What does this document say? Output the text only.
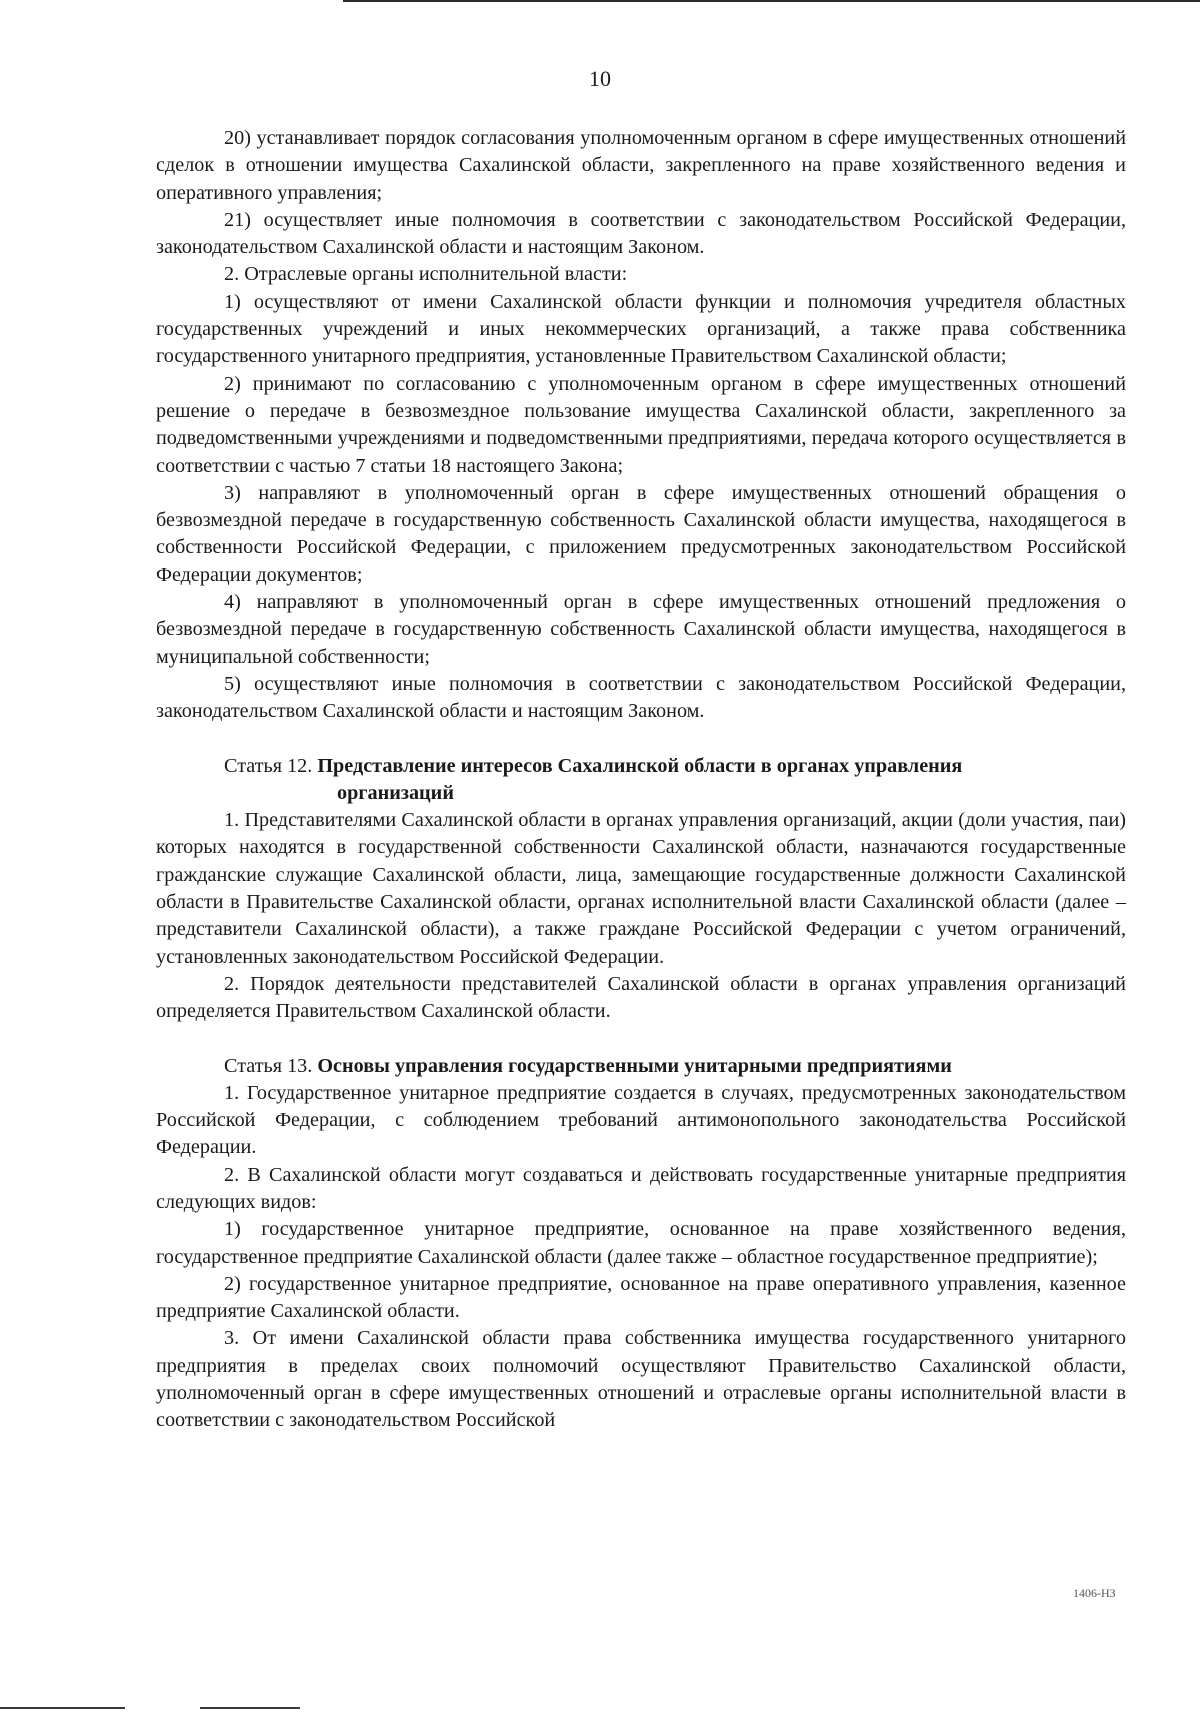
10

20) устанавливает порядок согласования уполномоченным органом в сфере имущественных отношений сделок в отношении имущества Сахалинской области, закрепленного на праве хозяйственного ведения и оперативного управления;

21) осуществляет иные полномочия в соответствии с законодательством Российской Федерации, законодательством Сахалинской области и настоящим Законом.

2. Отраслевые органы исполнительной власти:

1) осуществляют от имени Сахалинской области функции и полномочия учредителя областных государственных учреждений и иных некоммерческих организаций, а также права собственника государственного унитарного предприятия, установленные Правительством Сахалинской области;

2) принимают по согласованию с уполномоченным органом в сфере имущественных отношений решение о передаче в безвозмездное пользование имущества Сахалинской области, закрепленного за подведомственными учреждениями и подведомственными предприятиями, передача которого осуществляется в соответствии с частью 7 статьи 18 настоящего Закона;

3) направляют в уполномоченный орган в сфере имущественных отношений обращения о безвозмездной передаче в государственную собственность Сахалинской области имущества, находящегося в собственности Российской Федерации, с приложением предусмотренных законодательством Российской Федерации документов;

4) направляют в уполномоченный орган в сфере имущественных отношений предложения о безвозмездной передаче в государственную собственность Сахалинской области имущества, находящегося в муниципальной собственности;

5) осуществляют иные полномочия в соответствии с законодательством Российской Федерации, законодательством Сахалинской области и настоящим Законом.

Статья 12. Представление интересов Сахалинской области в органах управления
организаций

1. Представителями Сахалинской области в органах управления организаций, акции (доли участия, паи) которых находятся в государственной собственности Сахалинской области, назначаются государственные гражданские служащие Сахалинской области, лица, замещающие государственные должности Сахалинской области в Правительстве Сахалинской области, органах исполнительной власти Сахалинской области (далее – представители Сахалинской области), а также граждане Российской Федерации с учетом ограничений, установленных законодательством Российской Федерации.

2. Порядок деятельности представителей Сахалинской области в органах управления организаций определяется Правительством Сахалинской области.

Статья 13. Основы управления государственными унитарными предприятиями

1. Государственное унитарное предприятие создается в случаях, предусмотренных законодательством Российской Федерации, с соблюдением требований антимонопольного законодательства Российской Федерации.

2. В Сахалинской области могут создаваться и действовать государственные унитарные предприятия следующих видов:

1) государственное унитарное предприятие, основанное на праве хозяйственного ведения, государственное предприятие Сахалинской области (далее также – областное государственное предприятие);

2) государственное унитарное предприятие, основанное на праве оперативного управления, казенное предприятие Сахалинской области.

3. От имени Сахалинской области права собственника имущества государственного унитарного предприятия в пределах своих полномочий осуществляют Правительство Сахалинской области, уполномоченный орган в сфере имущественных отношений и отраслевые органы исполнительной власти в соответствии с законодательством Российской

1406-НЗ
